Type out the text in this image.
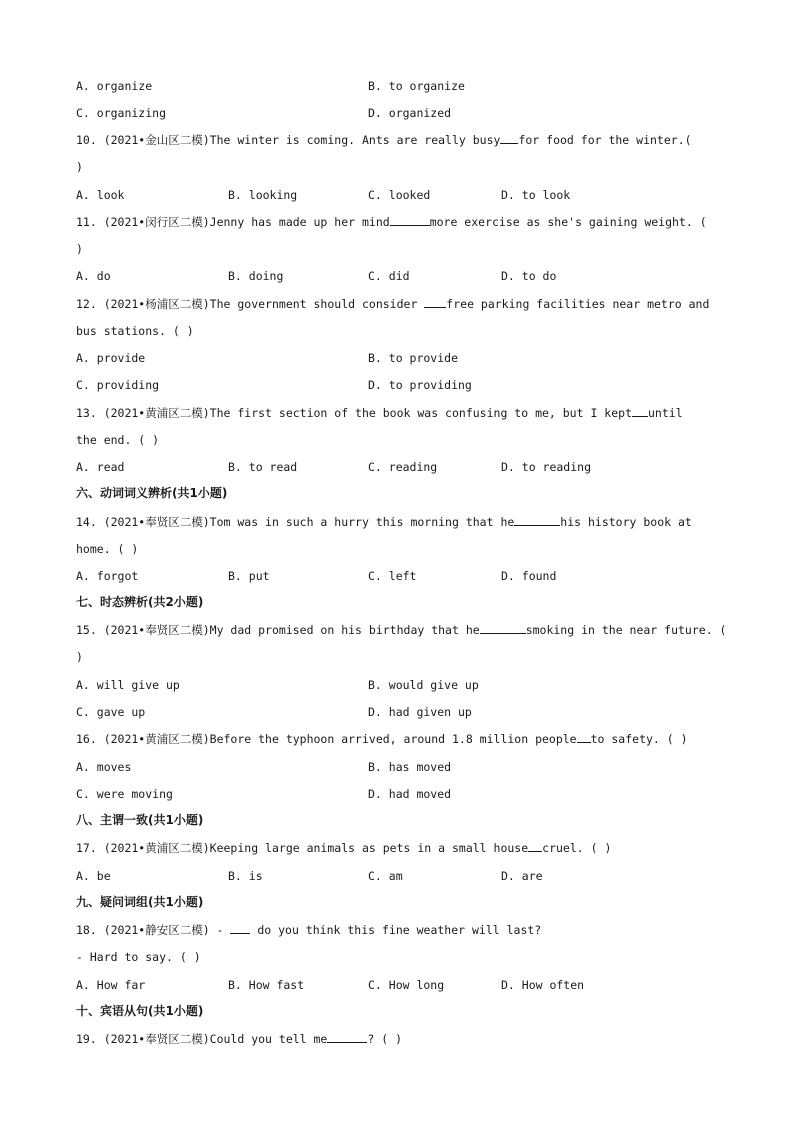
A. organize	B. to organize
C. organizing	D. organized
10. (2021•金山区二模)The winter is coming. Ants are really busy for food for the winter.(
)
A. look	B. looking	C. looked	D. to look
11. (2021•闵行区二模)Jenny has made up her mind	more exercise as she's gaining weight. (
)
A. do	B. doing	C. did	D. to do
12. (2021•杨浦区二模)The government should consider free parking facilities near metro and
bus stations. ( )
A. provide	B. to provide
C. providing	D. to providing
13. (2021•黄浦区二模)The first section of the book was confusing to me, but I kept until
the end. ( )
A. read	B. to read	C. reading	D. to reading
六、动词词义辨析(共1小题)
14. (2021•奉贤区二模)Tom was in such a hurry this morning that he	his history book at
home. ( )
A. forgot	B. put	C. left	D. found
七、时态辨析(共2小题)
15. (2021•奉贤区二模)My dad promised on his birthday that he	smoking in the near future. (
)
A. will give up	B. would give up
C. gave up	D. had given up
16. (2021•黄浦区二模)Before the typhoon arrived, around 1.8 million people to safety. ( )
A. moves	B. has moved
C. were moving	D. had moved
八、主谓一致(共1小题)
17. (2021•黄浦区二模)Keeping large animals as pets in a small house cruel. ( )
A. be	B. is	C. am	D. are
九、疑问词组(共1小题)
18. (2021•静安区二模) -  do you think this fine weather will last?
- Hard to say. ( )
A. How far	B. How fast	C. How long	D. How often
十、宾语从句(共1小题)
19. (2021•奉贤区二模)Could you tell me	? ( )
